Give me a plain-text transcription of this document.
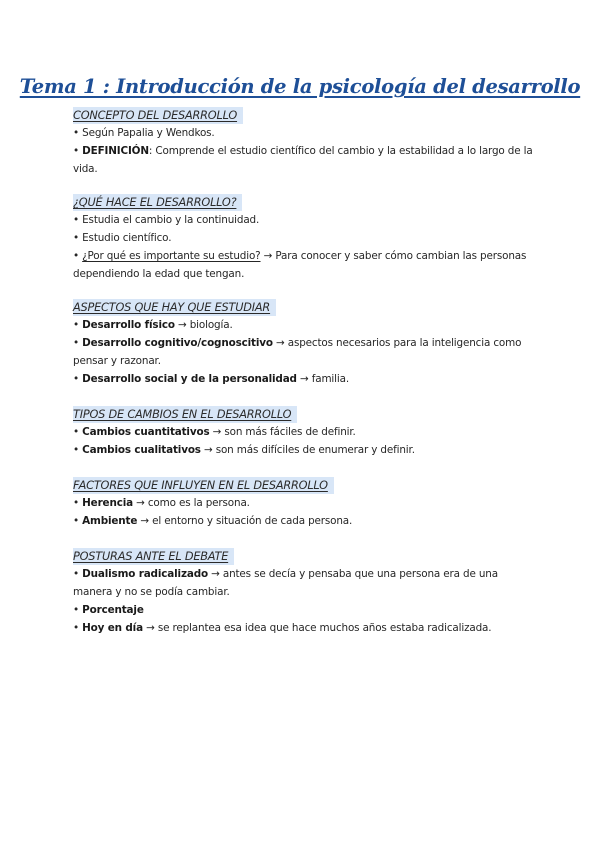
Tema 1 : Introducción de la psicología del desarrollo
CONCEPTO DEL DESARROLLO
• Según Papalia y Wendkos.
• DEFINICIÓN: Comprende el estudio científico del cambio y la estabilidad a lo largo de la vida.
¿QUÉ HACE EL DESARROLLO?
• Estudia el cambio y la continuidad.
• Estudio científico.
• ¿Por qué es importante su estudio? → Para conocer y saber cómo cambian las personas dependiendo la edad que tengan.
ASPECTOS QUE HAY QUE ESTUDIAR
• Desarrollo físico → biología.
• Desarrollo cognitivo/cognoscitivo → aspectos necesarios para la inteligencia como pensar y razonar.
• Desarrollo social y de la personalidad → familia.
TIPOS DE CAMBIOS EN EL DESARROLLO
• Cambios cuantitativos → son más fáciles de definir.
• Cambios cualitativos → son más difíciles de enumerar y definir.
FACTORES QUE INFLUYEN EN EL DESARROLLO
• Herencia → como es la persona.
• Ambiente → el entorno y situación de cada persona.
POSTURAS ANTE EL DEBATE
• Dualismo radicalizado → antes se decía y pensaba que una persona era de una manera y no se podía cambiar.
• Porcentaje
• Hoy en día → se replantea esa idea que hace muchos años estaba radicalizada.
